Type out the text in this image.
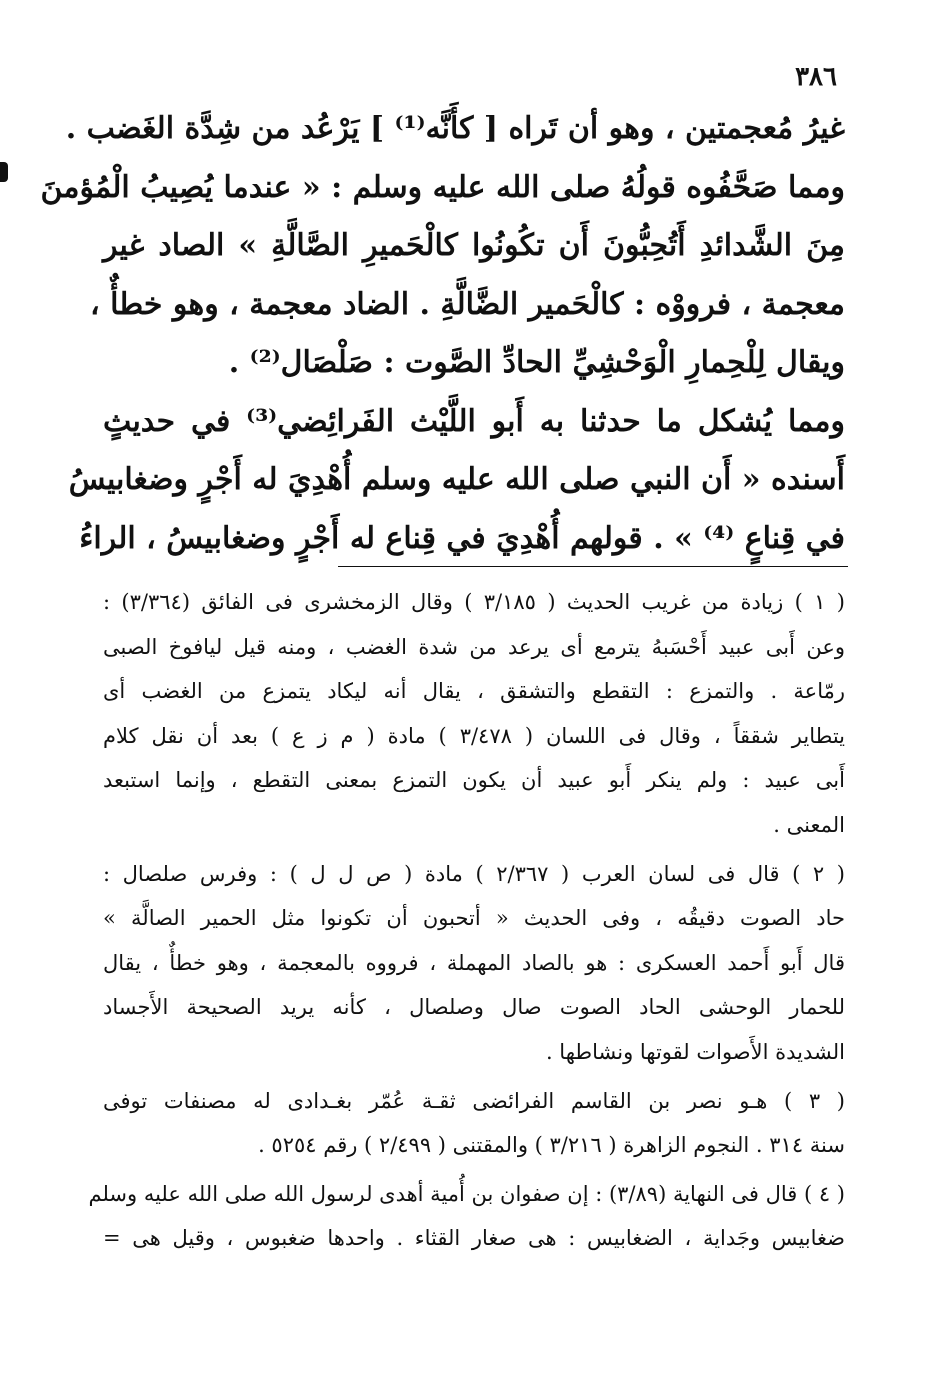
٣٨٦
غيرُ مُعجمتين ، وهو أن تَراه [ كأَنَّه⁽¹⁾ ] يَرْعُد من شِدَّة الغَضب .
ومما صَحَّفُوه قولُهُ صلى الله عليه وسلم : « عندما يُصِيبُ الْمُؤمنَ
مِنَ الشَّدائدِ أَتُحِبُّونَ أَن تكُونُوا كالْحَميرِ الصَّالَّةِ » الصاد غير
معجمة ، فرووْه : كالْحَمير الضَّالَّةِ . الضاد معجمة ، وهو خطأٌ ،
ويقال لِلْحِمارِ الْوَحْشِيِّ الحادِّ الصَّوت : صَلْصَال⁽²⁾ .
ومما يُشكل ما حدثنا به أَبو اللَّيْث الفَرائِضي⁽³⁾ في حديثٍ
أَسنده « أَن النبي صلى الله عليه وسلم أُهْدِيَ له أَجْرٍ وضغابيسُ
في قِناعٍ ⁽⁴⁾ » . قولهم أُهْدِيَ في قِناع له أَجْرٍ وضغابيسُ ، الراءُ
( ١ ) زيادة من غريب الحديث ( ٣/١٨٥ ) وقال الزمخشرى فى الفائق (٣/٣٦٤) :
وعن أَبى عبيد أَحْسَبهُ يترمع أى يرعد من شدة الغضب ، ومنه قيل ليافوخ الصبى
رمّاعة . والتمزع : التقطع والتشقق ، يقال أنه ليكاد يتمزع من الغضب أى
يتطاير شققاً ، وقال فى اللسان ( ٣/٤٧٨ ) مادة ( م ز ع ) بعد أن نقل كلام
أَبى عبيد : ولم ينكر أَبو عبيد أن يكون التمزع بمعنى التقطع ، وإنما استبعد
المعنى .
( ٢ ) قال فى لسان العرب ( ٢/٣٦٧ ) مادة ( ص ل ل ) : وفرس صلصال :
حاد الصوت دقيقُه ، وفى الحديث « أتحبون أن تكونوا مثل الحمير الصالَّة »
قال أَبو أَحمد العسكرى : هو بالصاد المهملة ، فرووه بالمعجمة ، وهو خطأٌ ، يقال
للحمار الوحشى الحاد الصوت صال وصلصال ، كأنه يريد الصحيحة الأَجساد
الشديدة الأَصوات لقوتها ونشاطها .
( ٣ ) هـو نصر بن القاسم الفرائضى ثقـة عُمّر بغـدادى له مصنفات توفى
سنة ٣١٤ . النجوم الزاهرة ( ٣/٢١٦ ) والمقتنى ( ٢/٤٩٩ ) رقم ٥٢٥٤ .
( ٤ ) قال فى النهاية (٣/٨٩) : إن صفوان بن أُمية أهدى لرسول الله صلى الله عليه وسلم
ضغابيس وجَداية ، الضغابيس : هى صغار القثاء . واحدها ضغبوس ، وقيل هى =
